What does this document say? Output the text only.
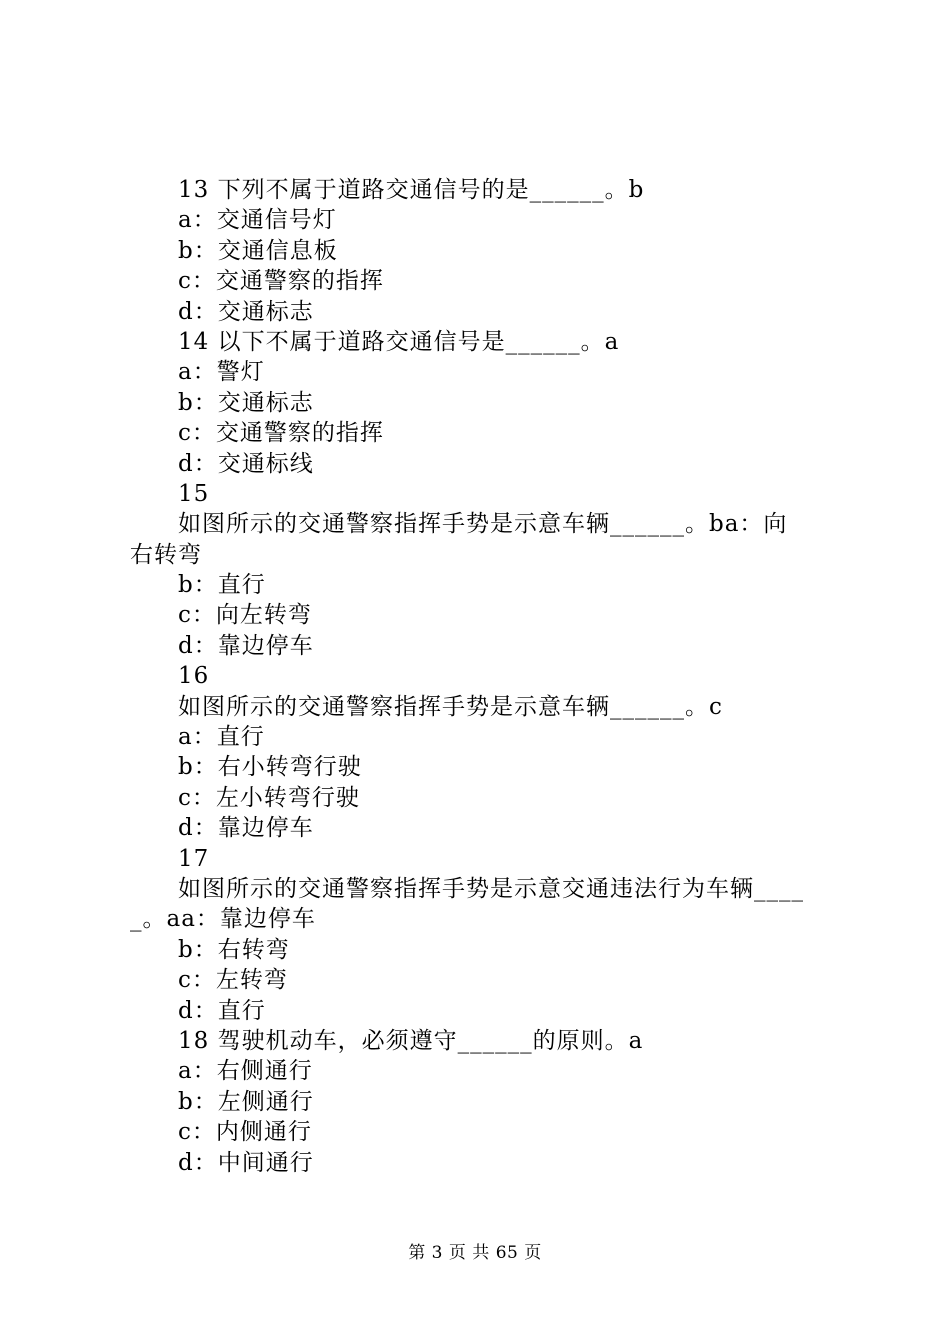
13 下列不属于道路交通信号的是______。b
a：交通信号灯
b：交通信息板
c：交通警察的指挥
d：交通标志
14 以下不属于道路交通信号是______。a
a：警灯
b：交通标志
c：交通警察的指挥
d：交通标线
15
如图所示的交通警察指挥手势是示意车辆______。ba：向
右转弯
b：直行
c：向左转弯
d：靠边停车
16
如图所示的交通警察指挥手势是示意车辆______。c
a：直行
b：右小转弯行驶
c：左小转弯行驶
d：靠边停车
17
如图所示的交通警察指挥手势是示意交通违法行为车辆____
_。aa：靠边停车
b：右转弯
c：左转弯
d：直行
18 驾驶机动车，必须遵守______的原则。a
a：右侧通行
b：左侧通行
c：内侧通行
d：中间通行
第 3 页 共 65 页
